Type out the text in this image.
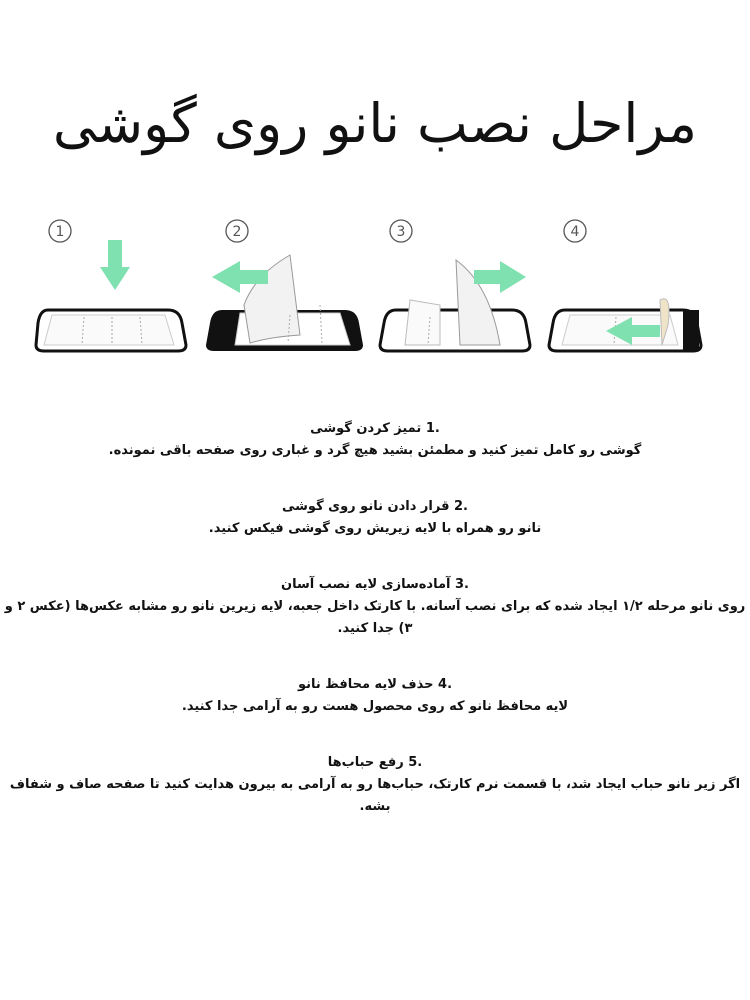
مراحل نصب نانو روی گوشی
1	2	3	4
.1 تمیز کردن گوشی
گوشی رو کامل تمیز کنید و مطمئن بشید هیچ گرد و غباری روی صفحه باقی نمونده.
.2 قرار دادن نانو روی گوشی
نانو رو همراه با لایه زیریش روی گوشی فیکس کنید.
.3 آماده‌سازی لایه نصب آسان
روی نانو مرحله ۱/۲ ایجاد شده که برای نصب آسانه. با کارتک داخل جعبه، لایه زیرین نانو رو مشابه عکس‌ها (عکس ۲ و ۳) جدا کنید.
.4 حذف لایه محافظ نانو
لایه محافظ نانو که روی محصول هست رو به آرامی جدا کنید.
.5 رفع حباب‌ها
اگر زیر نانو حباب ایجاد شد، با قسمت نرم کارتک، حباب‌ها رو به آرامی به بیرون هدایت کنید تا صفحه صاف و شفاف بشه.
